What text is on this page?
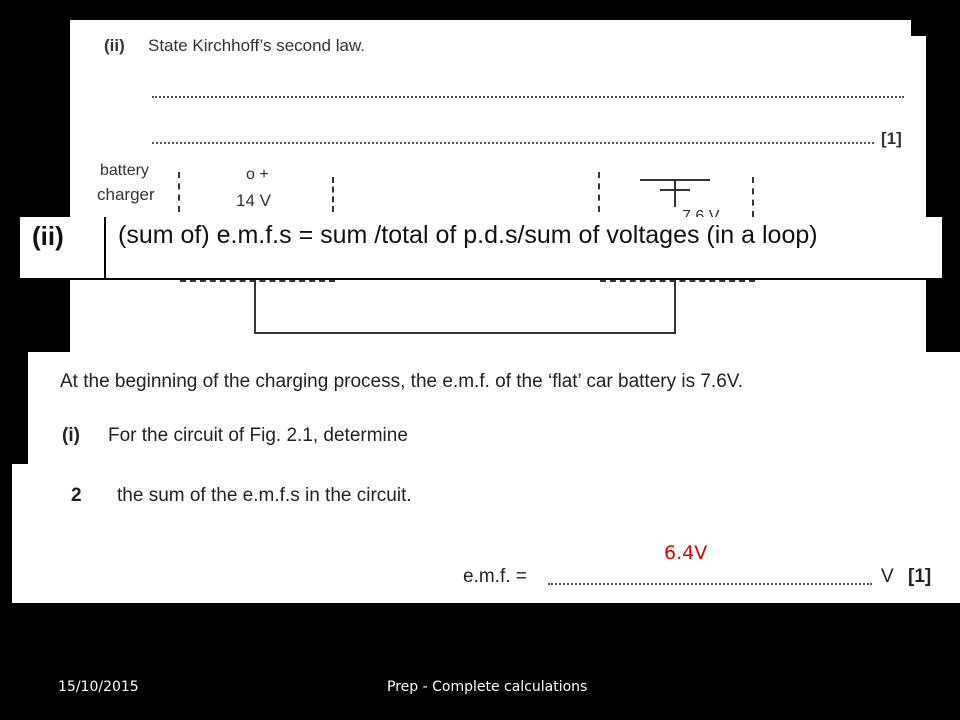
(ii) State Kirchhoff’s second law.
[1]
battery
charger
o +
14 V
(ii) (sum of) e.m.f.s = sum /total of p.d.s/sum of voltages (in a loop)
At the beginning of the charging process, the e.m.f. of the ‘flat’ car battery is 7.6V.
(i) For the circuit of Fig. 2.1, determine
2 the sum of the e.m.f.s in the circuit.
6.4V
e.m.f. =	V [1]
15/10/2015	Prep - Complete calculations
